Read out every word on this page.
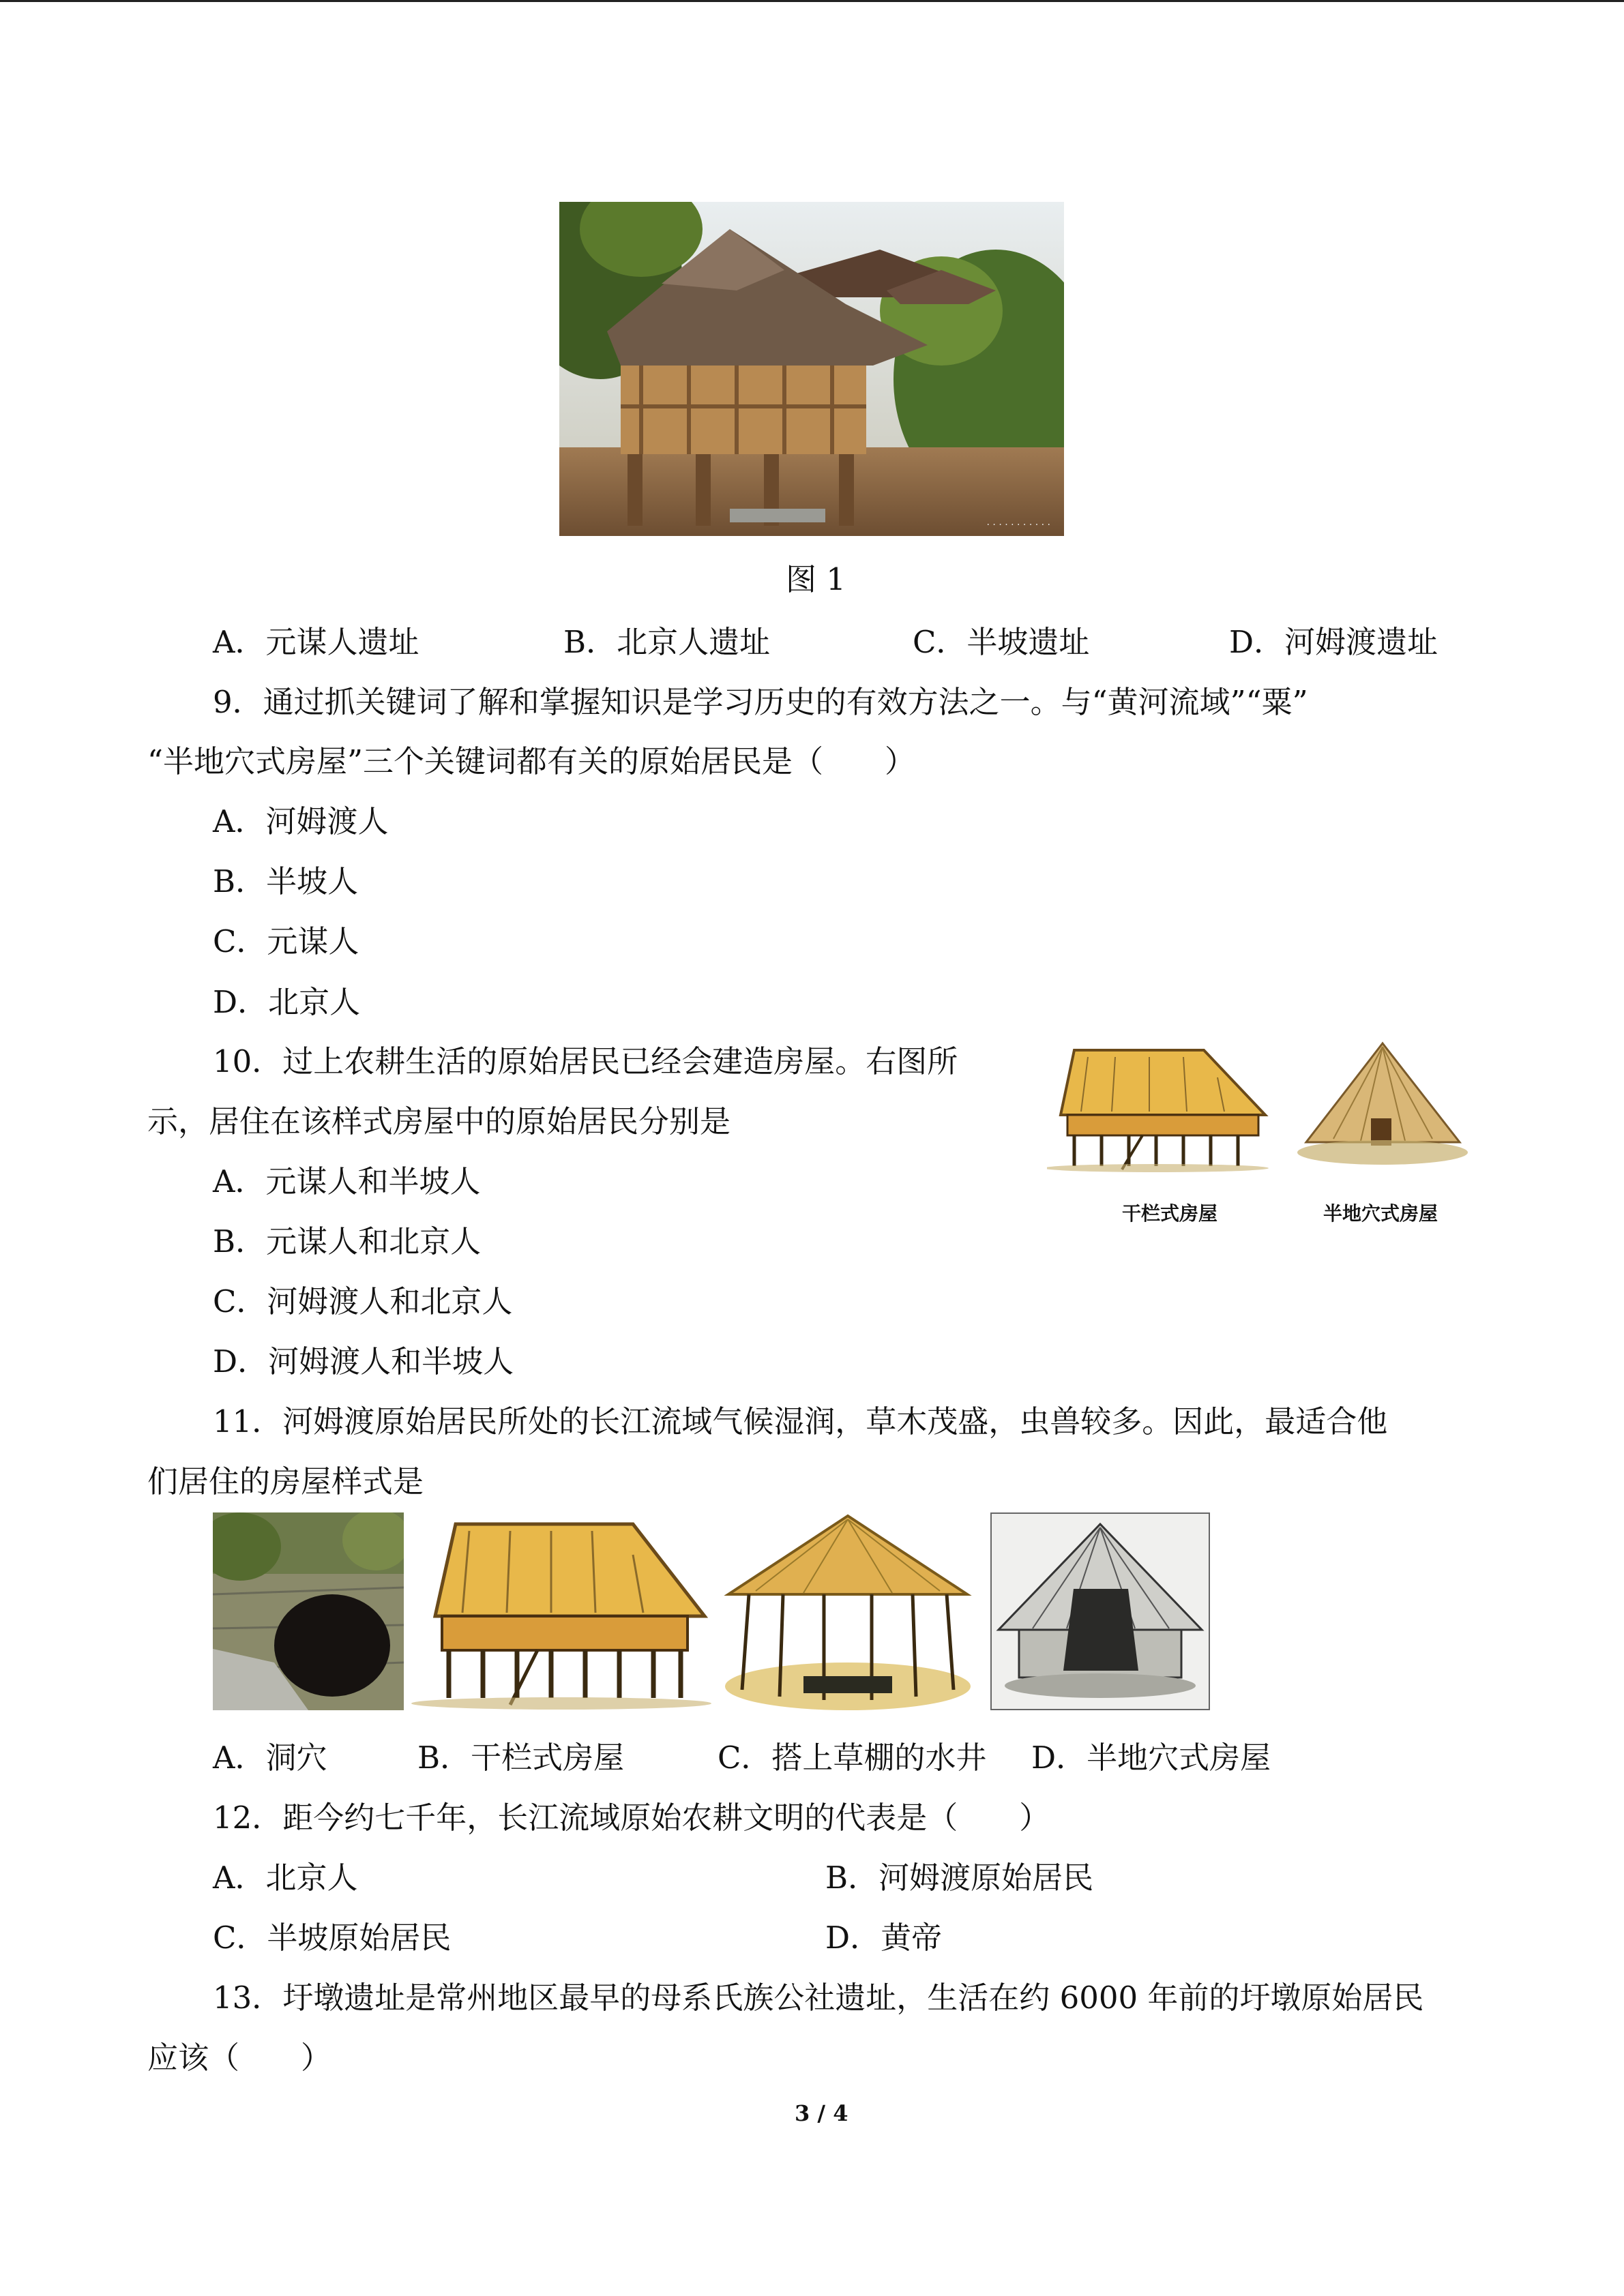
· · · · · · · · · · ·
图 1
A．元谋人遗址	B．北京人遗址	C．半坡遗址	D．河姆渡遗址
9．通过抓关键词了解和掌握知识是学习历史的有效方法之一。与“黄河流域”“粟”
“半地穴式房屋”三个关键词都有关的原始居民是（　　）
A．河姆渡人
B．半坡人
C．元谋人
D．北京人
10．过上农耕生活的原始居民已经会建造房屋。右图所
示，居住在该样式房屋中的原始居民分别是
A．元谋人和半坡人
B．元谋人和北京人
C．河姆渡人和北京人
D．河姆渡人和半坡人
干栏式房屋	半地穴式房屋
11．河姆渡原始居民所处的长江流域气候湿润，草木茂盛，虫兽较多。因此，最适合他
们居住的房屋样式是
A．洞穴	B．干栏式房屋	C．搭上草棚的水井 D．半地穴式房屋
12．距今约七千年，长江流域原始农耕文明的代表是（　　）
A．北京人	B．河姆渡原始居民
C．半坡原始居民	D．黄帝
13．圩墩遗址是常州地区最早的母系氏族公社遗址，生活在约 6000 年前的圩墩原始居民
应该（　　）
3 / 4
